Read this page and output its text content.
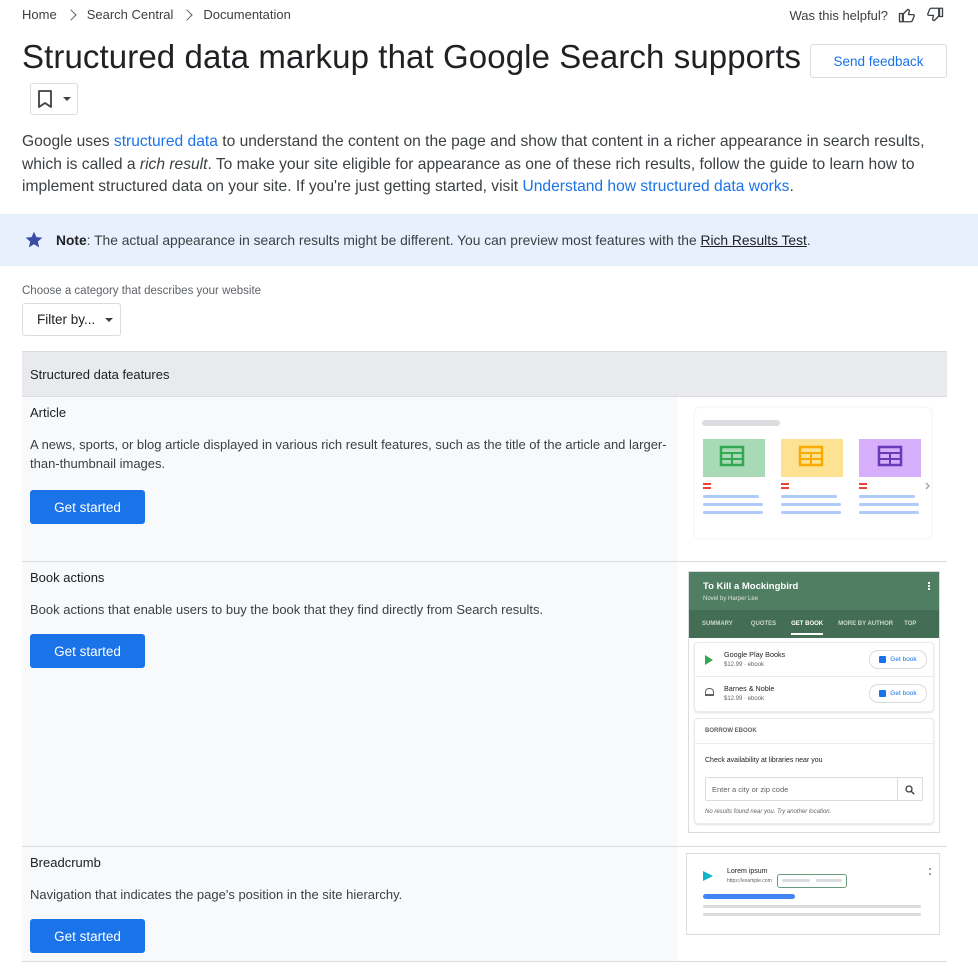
Home Search Central Documentation	Was this helpful?
Structured data markup that Google Search supports	Send feedback

Google uses structured data to understand the content on the page and show that content in a richer appearance in search results, which is called a rich result. To make your site eligible for appearance as one of these rich results, follow the guide to learn how to implement structured data on your site. If you're just getting started, visit Understand how structured data works.

Note: The actual appearance in search results might be different. You can preview most features with the Rich Results Test.
Choose a category that describes your website
Filter by...
Structured data features
Article
A news, sports, or blog article displayed in various rich result features, such as the title of the article and larger-than-thumbnail images.
Get started
Book actions
Book actions that enable users to buy the book that they find directly from Search results.
Get started
To Kill a Mockingbird
Novel by Harper Lee
SUMMARY	QUOTES	GET BOOK	MORE BY AUTHOR TOP
Google Play Books
$12.99 · ebook
Get book
Barnes & Noble
$12.99 · ebook
Get book
BORROW EBOOK
Check availability at libraries near you
Enter a city or zip code
No results found near you. Try another location.
Breadcrumb
Navigation that indicates the page's position in the site hierarchy.
Get started
Lorem ipsum
https://example.com
